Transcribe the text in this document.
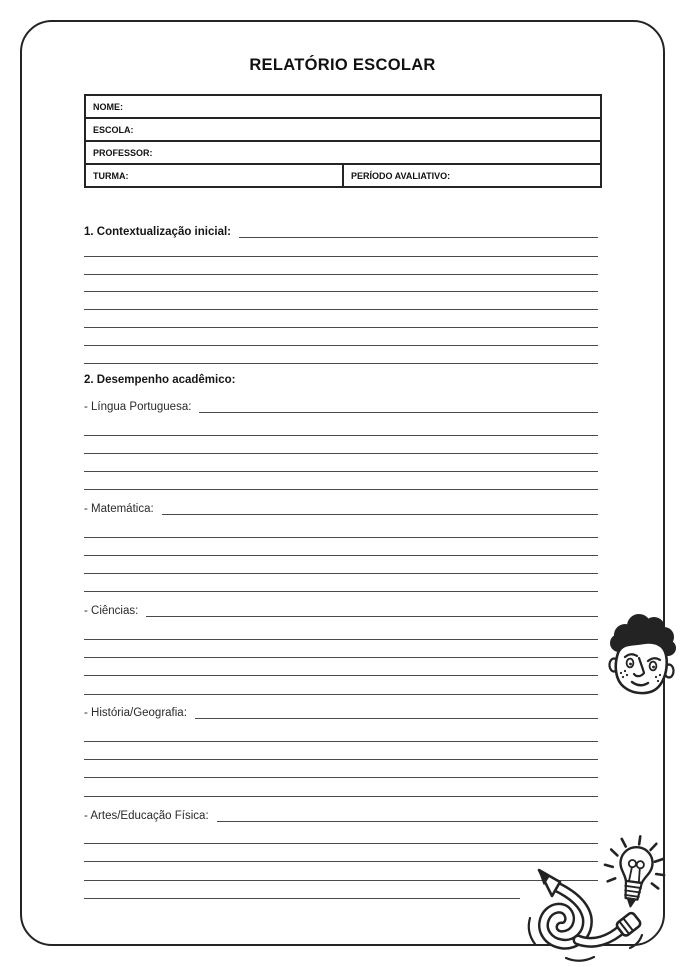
RELATÓRIO ESCOLAR
NOME:

ESCOLA:

PROFESSOR:

TURMA:	PERÍODO AVALIATIVO:
1. Contextualização inicial:
2. Desempenho acadêmico:
- Língua Portuguesa:
- Matemática:
- Ciências:
- História/Geografia:
- Artes/Educação Física:
